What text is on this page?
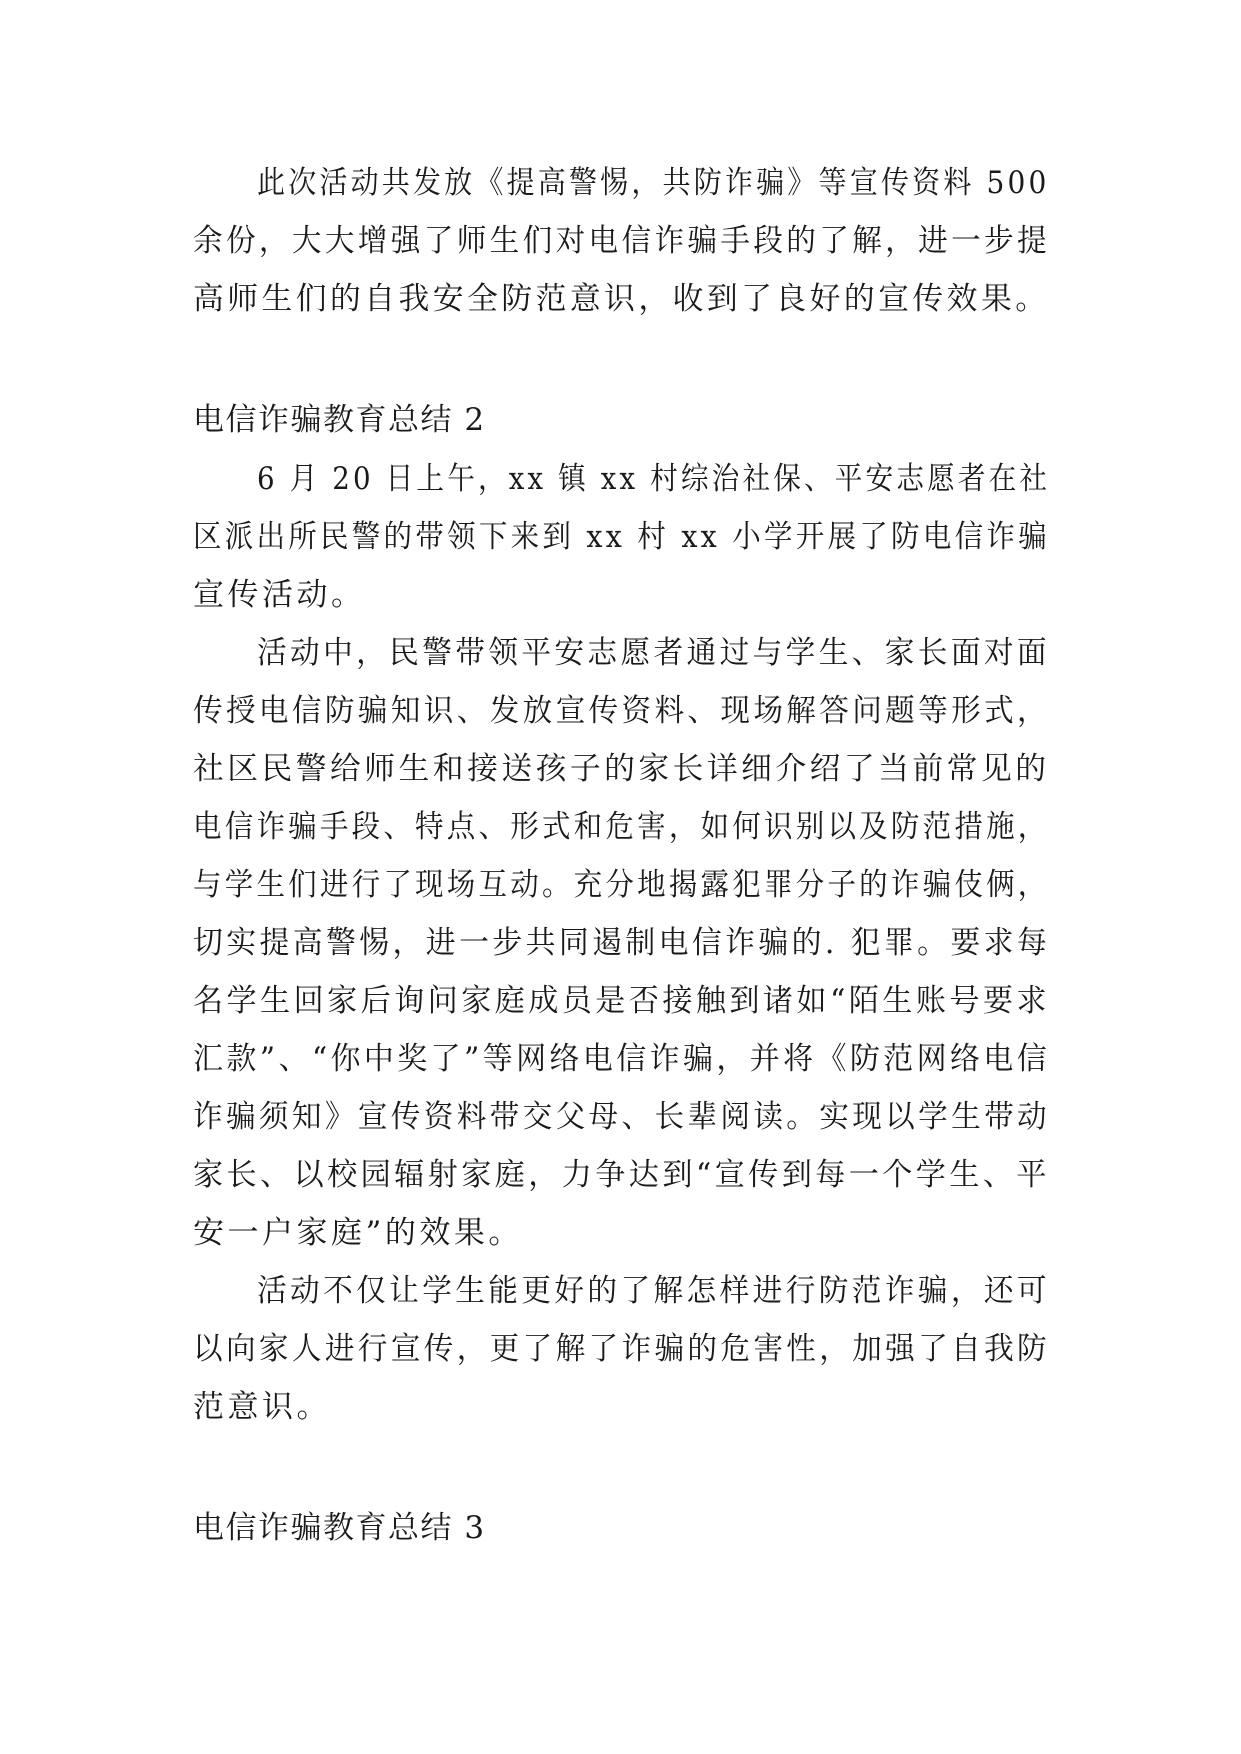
此次活动共发放《提高警惕，共防诈骗》等宣传资料 500
余份，大大增强了师生们对电信诈骗手段的了解，进一步提
高师生们的自我安全防范意识，收到了良好的宣传效果。
电信诈骗教育总结 2
6 月 20 日上午，xx 镇 xx 村综治社保、平安志愿者在社
区派出所民警的带领下来到 xx 村 xx 小学开展了防电信诈骗
宣传活动。
活动中，民警带领平安志愿者通过与学生、家长面对面
传授电信防骗知识、发放宣传资料、现场解答问题等形式，
社区民警给师生和接送孩子的家长详细介绍了当前常见的
电信诈骗手段、特点、形式和危害，如何识别以及防范措施，
与学生们进行了现场互动。充分地揭露犯罪分子的诈骗伎俩，
切实提高警惕，进一步共同遏制电信诈骗的. 犯罪。要求每
名学生回家后询问家庭成员是否接触到诸如“陌生账号要求
汇款”、“你中奖了”等网络电信诈骗，并将《防范网络电信
诈骗须知》宣传资料带交父母、长辈阅读。实现以学生带动
家长、以校园辐射家庭，力争达到“宣传到每一个学生、平
安一户家庭”的效果。
活动不仅让学生能更好的了解怎样进行防范诈骗，还可
以向家人进行宣传，更了解了诈骗的危害性，加强了自我防
范意识。
电信诈骗教育总结 3
